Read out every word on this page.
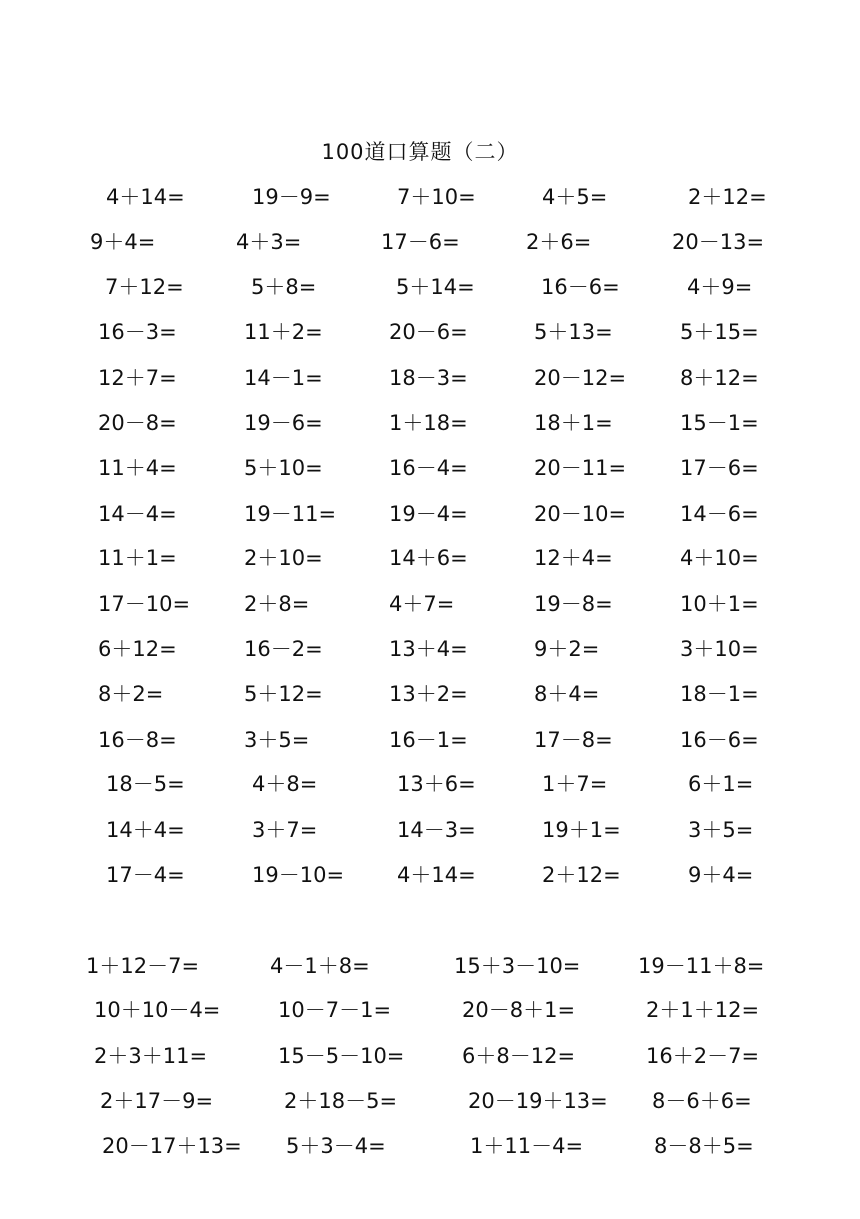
100道口算题（二）
4＋14=	19－9=	7＋10=	4＋5=	2＋12=
9＋4=	4＋3=	17－6=	2＋6=	20－13=
7＋12=	5＋8=	5＋14=	16－6=	4＋9=
16－3=	11＋2=	20－6=	5＋13=	5＋15=
12＋7=	14－1=	18－3=	20－12=	8＋12=
20－8=	19－6=	1＋18=	18＋1=	15－1=
11＋4=	5＋10=	16－4=	20－11=	17－6=
14－4=	19－11=	19－4=	20－10=	14－6=
11＋1=	2＋10=	14＋6=	12＋4=	4＋10=
17－10=	2＋8=	4＋7=	19－8=	10＋1=
6＋12=	16－2=	13＋4=	9＋2=	3＋10=
8＋2=	5＋12=	13＋2=	8＋4=	18－1=
16－8=	3＋5=	16－1=	17－8=	16－6=
18－5=	4＋8=	13＋6=	1＋7=	6＋1=
14＋4=	3＋7=	14－3=	19＋1=	3＋5=
17－4=	19－10=	4＋14=	2＋12=	9＋4=
1＋12－7=	4－1＋8=	15＋3－10=	19－11＋8=
10＋10－4=	10－7－1=	20－8＋1=	2＋1＋12=
2＋3＋11=	15－5－10=	6＋8－12=	16＋2－7=
2＋17－9=	2＋18－5=	20－19＋13= 8－6＋6=
20－17＋13= 5＋3－4=	1＋11－4=	8－8＋5=
